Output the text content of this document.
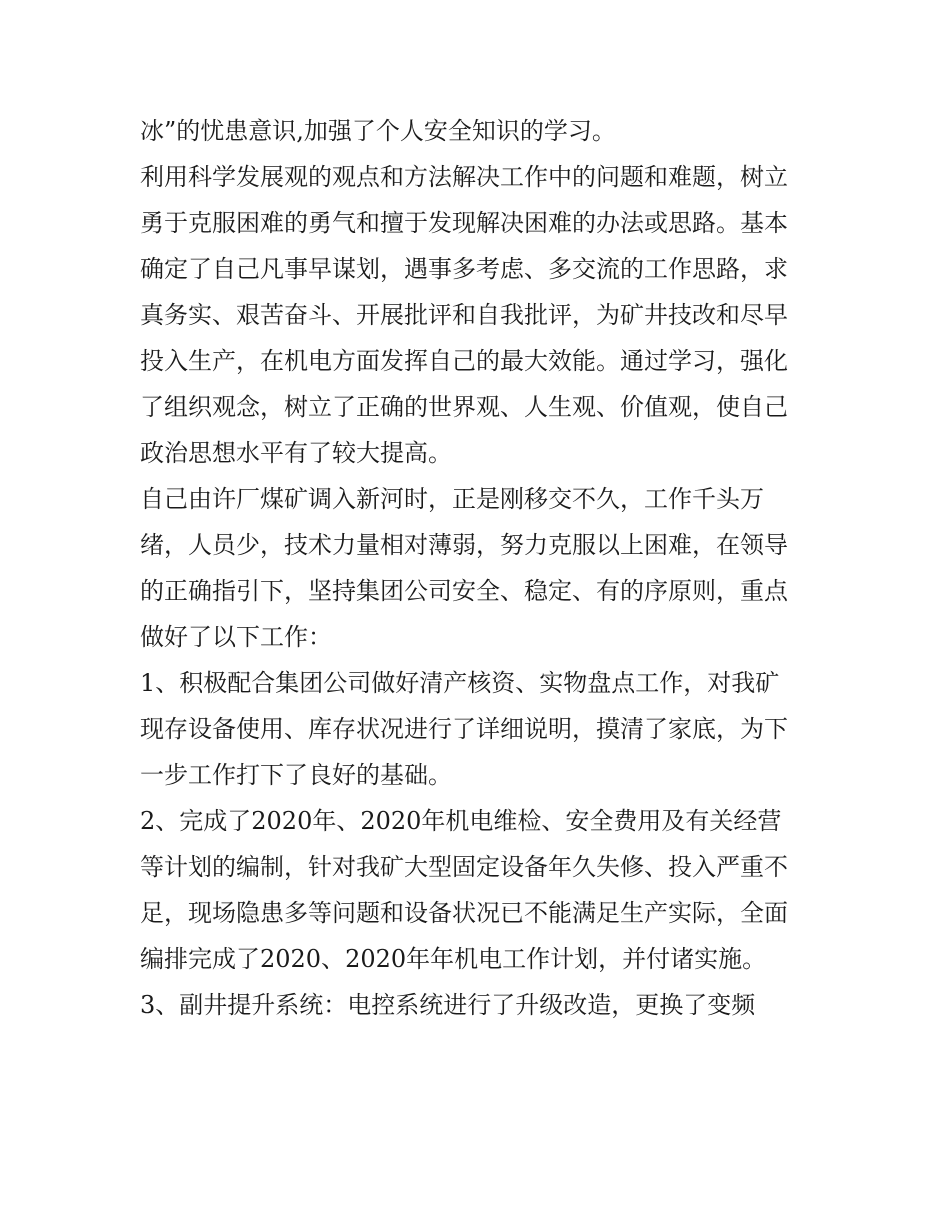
冰”的忧患意识,加强了个人安全知识的学习。
利用科学发展观的观点和方法解决工作中的问题和难题，树立
勇于克服困难的勇气和擅于发现解决困难的办法或思路。基本
确定了自己凡事早谋划，遇事多考虑、多交流的工作思路，求
真务实、艰苦奋斗、开展批评和自我批评，为矿井技改和尽早
投入生产，在机电方面发挥自己的最大效能。通过学习，强化
了组织观念，树立了正确的世界观、人生观、价值观，使自己
政治思想水平有了较大提高。
自己由许厂煤矿调入新河时，正是刚移交不久，工作千头万
绪，人员少，技术力量相对薄弱，努力克服以上困难，在领导
的正确指引下，坚持集团公司安全、稳定、有的序原则，重点
做好了以下工作：
1、积极配合集团公司做好清产核资、实物盘点工作，对我矿
现存设备使用、库存状况进行了详细说明，摸清了家底，为下
一步工作打下了良好的基础。
2、完成了2020年、2020年机电维检、安全费用及有关经营
等计划的编制，针对我矿大型固定设备年久失修、投入严重不
足，现场隐患多等问题和设备状况已不能满足生产实际，全面
编排完成了2020、2020年年机电工作计划，并付诸实施。
3、副井提升系统：电控系统进行了升级改造，更换了变频
